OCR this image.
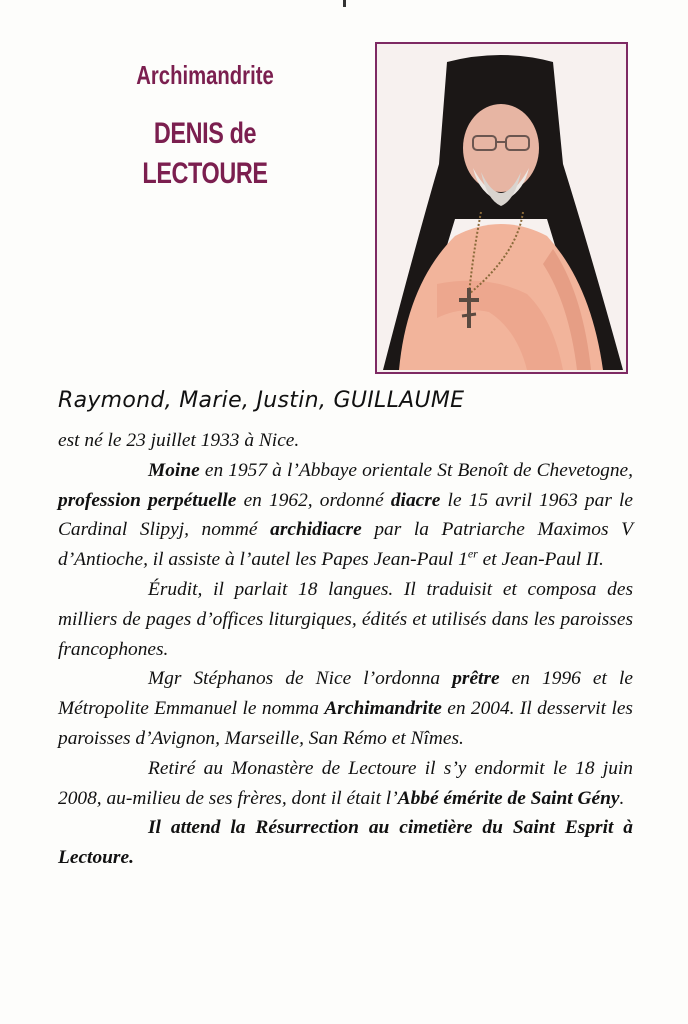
Archimandrite
DENIS de LECTOURE
Raymond, Marie, Justin, GUILLAUME

est né le 23 juillet 1933 à Nice.

Moine en 1957 à l’Abbaye orientale St Benoît de Chevetogne, profession perpétuelle en 1962, ordonné diacre le 15 avril 1963 par le Cardinal Slipyj, nommé archidiacre par la Patriarche Maximos V d’Antioche, il assiste à l’autel les Papes Jean-Paul 1er et Jean-Paul II.

Érudit, il parlait 18 langues. Il traduisit et composa des milliers de pages d’offices liturgiques, édités et utilisés dans les paroisses francophones.

Mgr Stéphanos de Nice l’ordonna prêtre en 1996 et le Métropolite Emmanuel le nomma Archimandrite en 2004. Il desservit les paroisses d’Avignon, Marseille, San Rémo et Nîmes.

Retiré au Monastère de Lectoure il s’y endormit le 18 juin 2008, au-milieu de ses frères, dont il était l’Abbé émérite de Saint Gény.

Il attend la Résurrection au cimetière du Saint Esprit à Lectoure.
